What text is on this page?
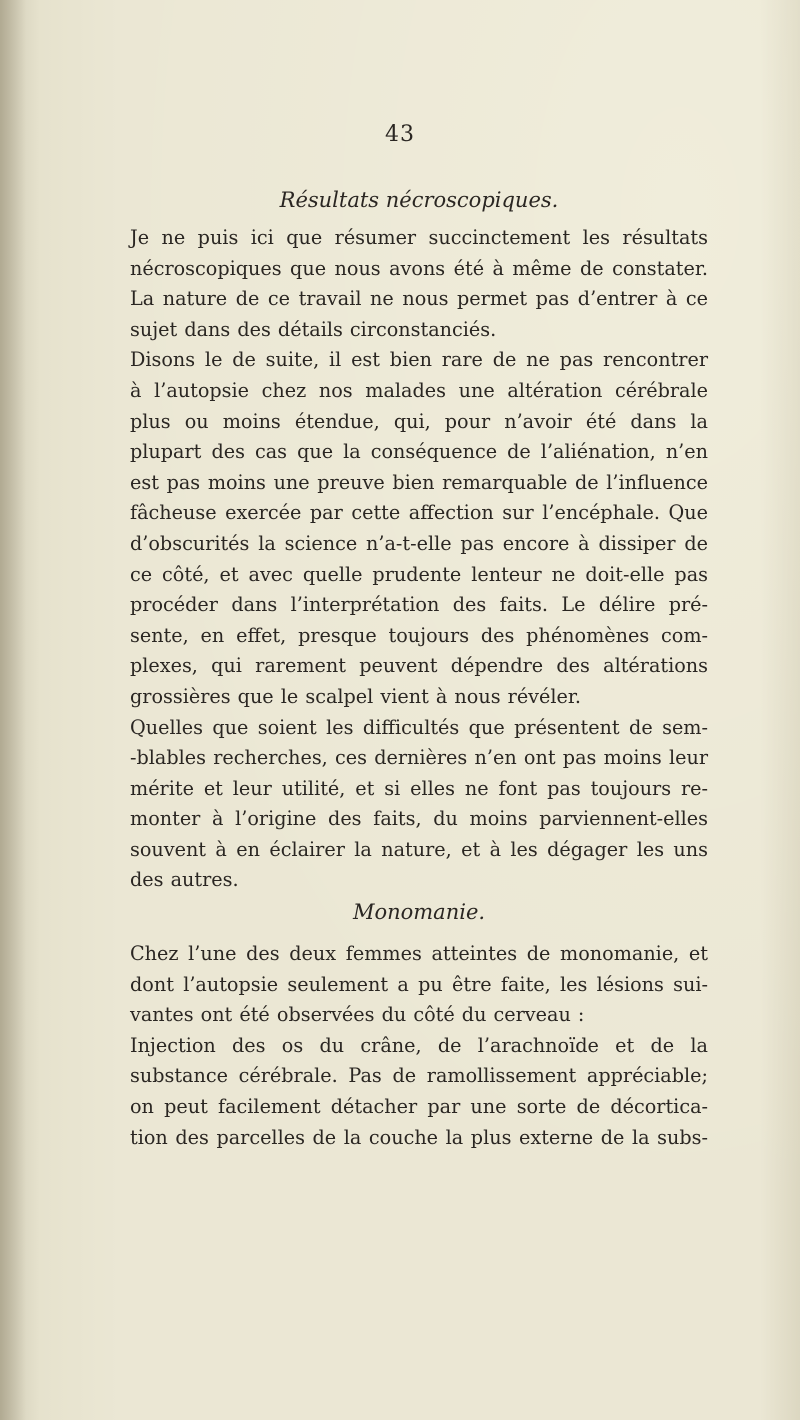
43
Résultats nécroscopiques.
Je ne puis ici que résumer succinctement les résultats
nécroscopiques que nous avons été à même de constater.
La nature de ce travail ne nous permet pas d’entrer à ce
sujet dans des détails circonstanciés.
Disons le de suite, il est bien rare de ne pas rencontrer
à l’autopsie chez nos malades une altération cérébrale
plus ou moins étendue, qui, pour n’avoir été dans la
plupart des cas que la conséquence de l’aliénation, n’en
est pas moins une preuve bien remarquable de l’influence
fâcheuse exercée par cette affection sur l’encéphale. Que
d’obscurités la science n’a-t-elle pas encore à dissiper de
ce côté, et avec quelle prudente lenteur ne doit-elle pas
procéder dans l’interprétation des faits. Le délire pré-
sente, en effet, presque toujours des phénomènes com-
plexes, qui rarement peuvent dépendre des altérations
grossières que le scalpel vient à nous révéler.
Quelles que soient les difficultés que présentent de sem-
-blables recherches, ces dernières n’en ont pas moins leur
mérite et leur utilité, et si elles ne font pas toujours re-
monter à l’origine des faits, du moins parviennent-elles
souvent à en éclairer la nature, et à les dégager les uns
des autres.
Monomanie.
Chez l’une des deux femmes atteintes de monomanie, et
dont l’autopsie seulement a pu être faite, les lésions sui-
vantes ont été observées du côté du cerveau :
Injection des os du crâne, de l’arachnoïde et de la
substance cérébrale. Pas de ramollissement appréciable;
on peut facilement détacher par une sorte de décortica-
tion des parcelles de la couche la plus externe de la subs-
